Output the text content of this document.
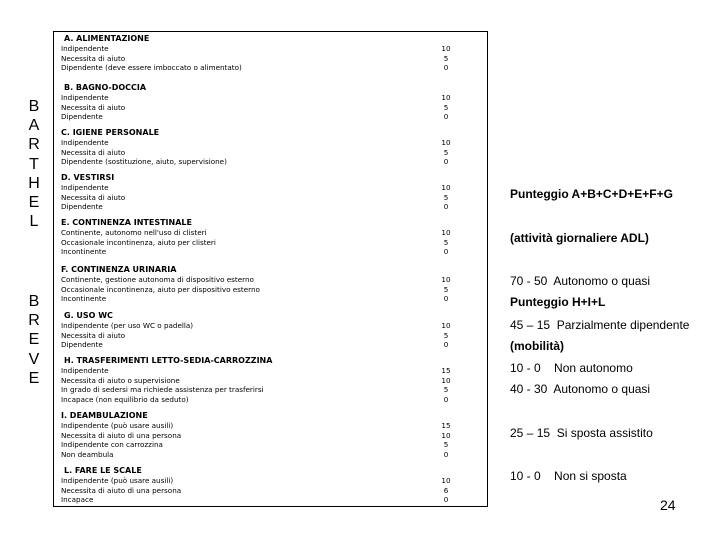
B
A
R
T
H
E
L
B
R
E
V
E
A. ALIMENTAZIONE
Indipendente
Necessita di aiuto
Dipendente (deve essere imboccato o alimentato)
10
5
0
B. BAGNO-DOCCIA
Indipendente
Necessita di aiuto
Dipendente
10
5
0
C. IGIENE PERSONALE
Indipendente
Necessita di aiuto
Dipendente (sostituzione, aiuto, supervisione)
10
5
0
D. VESTIRSI
Indipendente
Necessita di aiuto
Dipendente
10
5
0
E. CONTINENZA INTESTINALE
Continente, autonomo nell'uso di clisteri
Occasionale incontinenza, aiuto per clisteri
Incontinente
10
5
0
F. CONTINENZA URINARIA
Continente, gestione autonoma di dispositivo esterno
Occasionale incontinenza, aiuto per dispositivo esterno
Incontinente
10
5
0
G. USO WC
Indipendente (per uso WC o padella)
Necessita di aiuto
Dipendente
10
5
0
H. TRASFERIMENTI LETTO-SEDIA-CARROZZINA
Indipendente
Necessita di aiuto o supervisione
In grado di sedersi ma richiede assistenza per trasferirsi
Incapace (non equilibrio da seduto)
15
10
5
0
I. DEAMBULAZIONE
Indipendente (può usare ausili)
Necessita di aiuto di una persona
Indipendente con carrozzina
Non deambula
15
10
5
0
L. FARE LE SCALE
Indipendente (può usare ausili)
Necessita di aiuto di una persona
Incapace
10
6
0

Punteggio A+B+C+D+E+F+G

(attività giornaliere ADL)

70 - 50  Autonomo o quasi

45 – 15  Parzialmente dipendente

10 - 0    Non autonomo

Punteggio H+I+L

(mobilità)

40 - 30  Autonomo o quasi

25 – 15  Si sposta assistito

10 - 0    Non si sposta

24
